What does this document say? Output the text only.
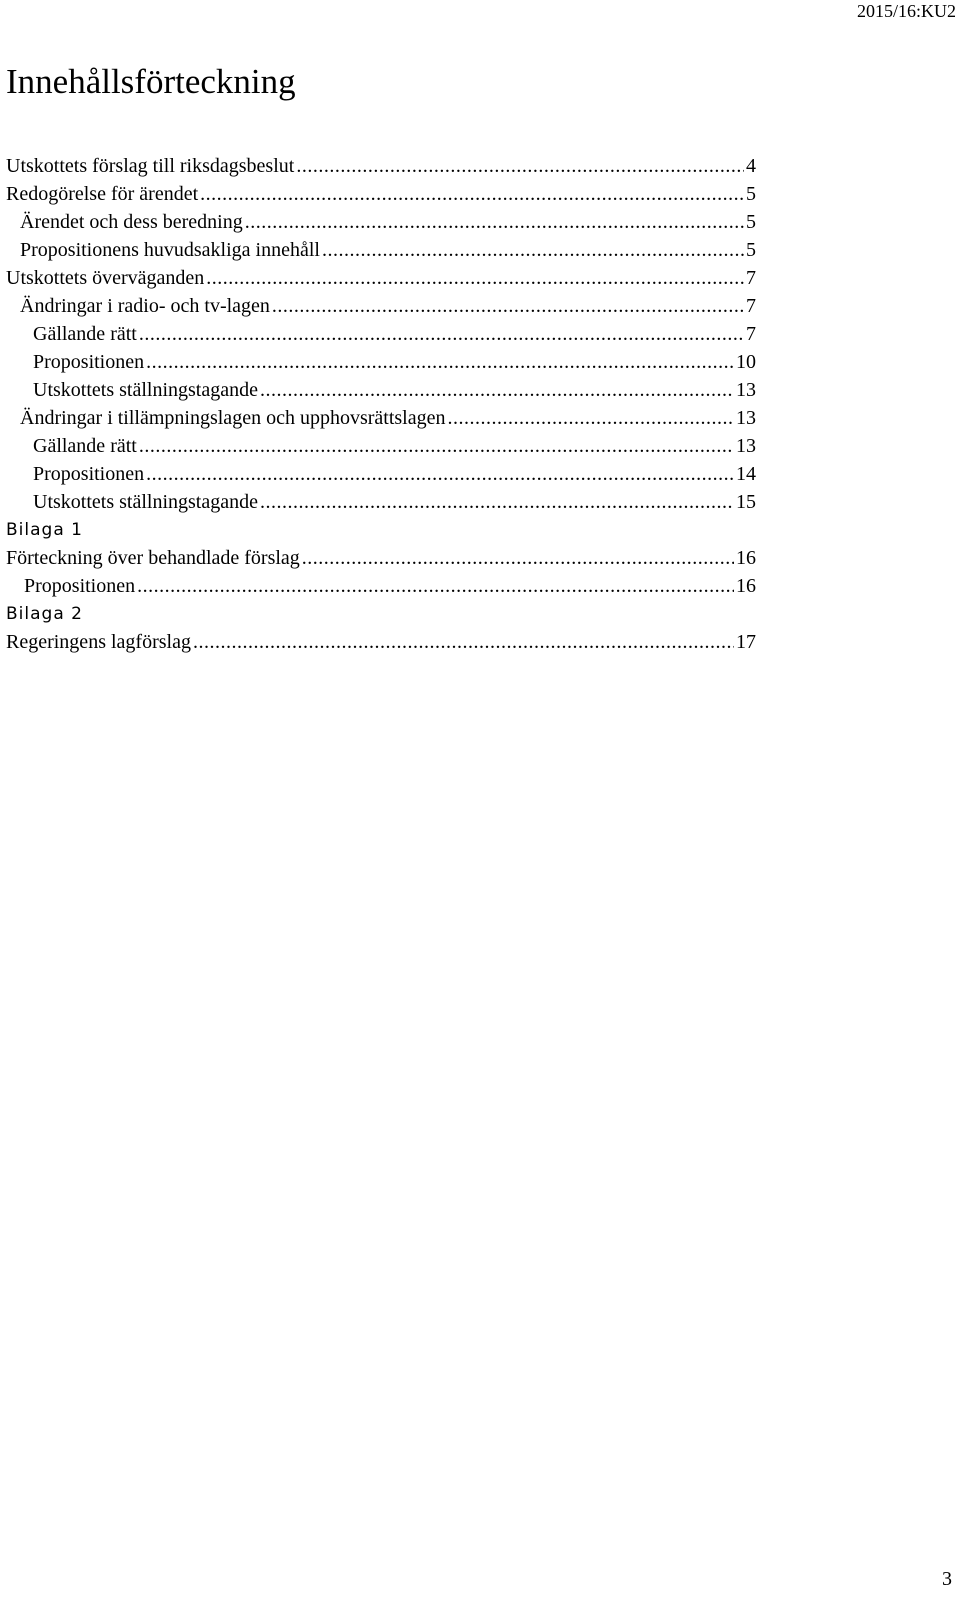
2015/16:KU2
Innehållsförteckning
Utskottets förslag till riksdagsbeslut .....	4
Redogörelse för ärendet .....	5
Ärendet och dess beredning .....	5
Propositionens huvudsakliga innehåll .....	5
Utskottets överväganden .....	7
Ändringar i radio- och tv-lagen .....	7
Gällande rätt .....	7
Propositionen .....	10
Utskottets ställningstagande .....	13
Ändringar i tillämpningslagen och upphovsrättslagen .....	13
Gällande rätt .....	13
Propositionen .....	14
Utskottets ställningstagande .....	15
Bilaga 1
Förteckning över behandlade förslag .....	16
Propositionen .....	16
Bilaga 2
Regeringens lagförslag .....	17
3
